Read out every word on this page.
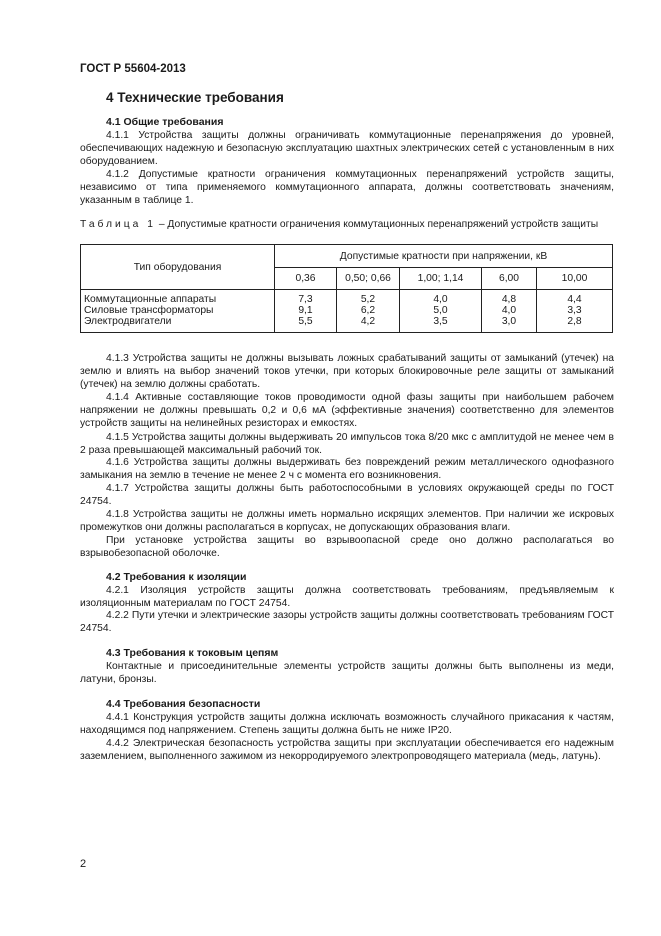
ГОСТ Р 55604-2013
4 Технические требования
4.1 Общие требования

4.1.1 Устройства защиты должны ограничивать коммутационные перенапряжения до уровней, обеспечивающих надежную и безопасную эксплуатацию шахтных электрических сетей с установленным в них оборудованием.

4.1.2 Допустимые кратности ограничения коммутационных перенапряжений устройств защиты, независимо от типа применяемого коммутационного аппарата, должны соответствовать значениям, указанным в таблице 1.

Таблица 1 – Допустимые кратности ограничения коммутационных перенапряжений устройств защиты

Тип оборудования	Допустимые кратности при напряжении, кВ				
	0,36	0,50; 0,66	1,00; 1,14	6,00	10,00
Коммутационные аппараты	7,3	5,2	4,0	4,8	4,4
Силовые трансформаторы	9,1	6,2	5,0	4,0	3,3
Электродвигатели	5,5	4,2	3,5	3,0	2,8

4.1.3 Устройства защиты не должны вызывать ложных срабатываний защиты от замыканий (утечек) на землю и влиять на выбор значений токов утечки, при которых блокировочные реле защиты от замыканий (утечек) на землю должны сработать.

4.1.4 Активные составляющие токов проводимости одной фазы защиты при наибольшем рабочем напряжении не должны превышать 0,2 и 0,6 мА (эффективные значения) соответственно для элементов устройств защиты на нелинейных резисторах и емкостях.

4.1.5 Устройства защиты должны выдерживать 20 импульсов тока 8/20 мкс с амплитудой не менее чем в 2 раза превышающей максимальный рабочий ток.

4.1.6 Устройства защиты должны выдерживать без повреждений режим металлического однофазного замыкания на землю в течение не менее 2 ч с момента его возникновения.

4.1.7 Устройства защиты должны быть работоспособными в условиях окружающей среды по ГОСТ 24754.

4.1.8 Устройства защиты не должны иметь нормально искрящих элементов. При наличии же искровых промежутков они должны располагаться в корпусах, не допускающих образования влаги.

При установке устройства защиты во взрывоопасной среде оно должно располагаться во взрывобезопасной оболочке.

4.2 Требования к изоляции

4.2.1 Изоляция устройств защиты должна соответствовать требованиям, предъявляемым к изоляционным материалам по ГОСТ 24754.

4.2.2 Пути утечки и электрические зазоры устройств защиты должны соответствовать требованиям ГОСТ 24754.

4.3 Требования к токовым цепям

Контактные и присоединительные элементы устройств защиты должны быть выполнены из меди, латуни, бронзы.

4.4 Требования безопасности

4.4.1 Конструкция устройств защиты должна исключать возможность случайного прикасания к частям, находящимся под напряжением. Степень защиты должна быть не ниже IP20.

4.4.2 Электрическая безопасность устройства защиты при эксплуатации обеспечивается его надежным заземлением, выполненного зажимом из некорродируемого электропроводящего материала (медь, латунь).

2
